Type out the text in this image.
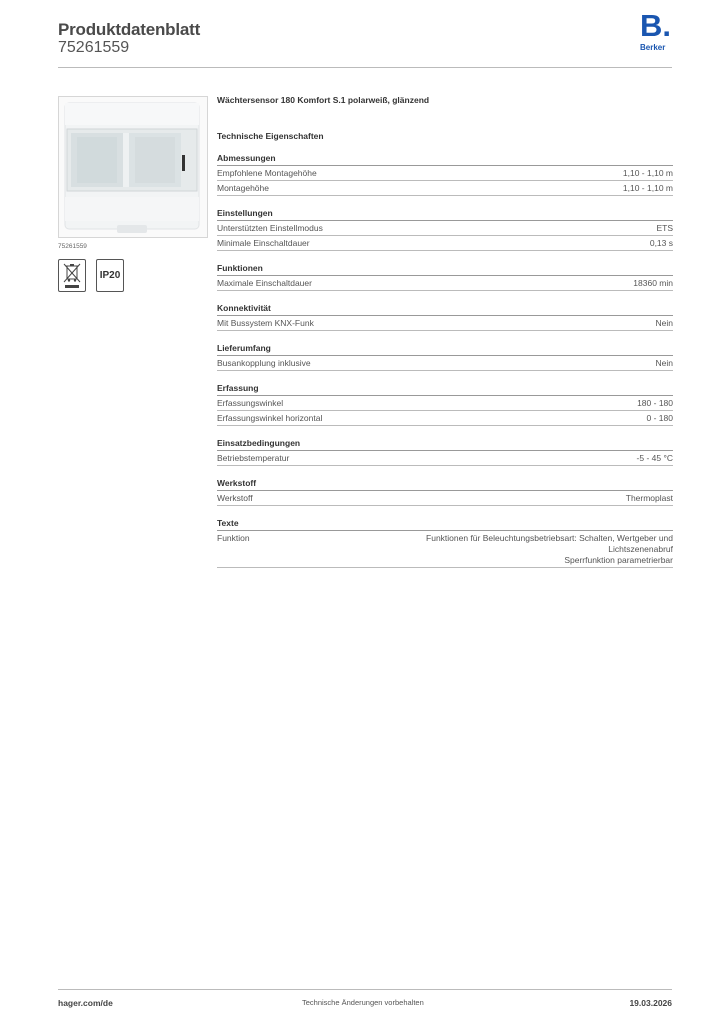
Produktdatenblatt
75261559
B.
Berker
75261559
IP20
Wächtersensor 180 Komfort S.1 polarweiß, glänzend
Technische Eigenschaften
Abmessungen
Empfohlene Montagehöhe	1,10 - 1,10 m
Montagehöhe	1,10 - 1,10 m
Einstellungen
Unterstützten Einstellmodus	ETS
Minimale Einschaltdauer	0,13 s
Funktionen
Maximale Einschaltdauer	18360 min
Konnektivität
Mit Bussystem KNX-Funk	Nein
Lieferumfang
Busankopplung inklusive	Nein
Erfassung
Erfassungswinkel	180 - 180
Erfassungswinkel horizontal	0 - 180
Einsatzbedingungen
Betriebstemperatur	-5 - 45 °C
Werkstoff
Werkstoff	Thermoplast
Texte
Funktion	Funktionen für Beleuchtungsbetriebsart: Schalten, Wertgeber und
Lichtszenenabruf
Sperrfunktion parametrierbar
hager.com/de	Technische Änderungen vorbehalten	19.03.2026
